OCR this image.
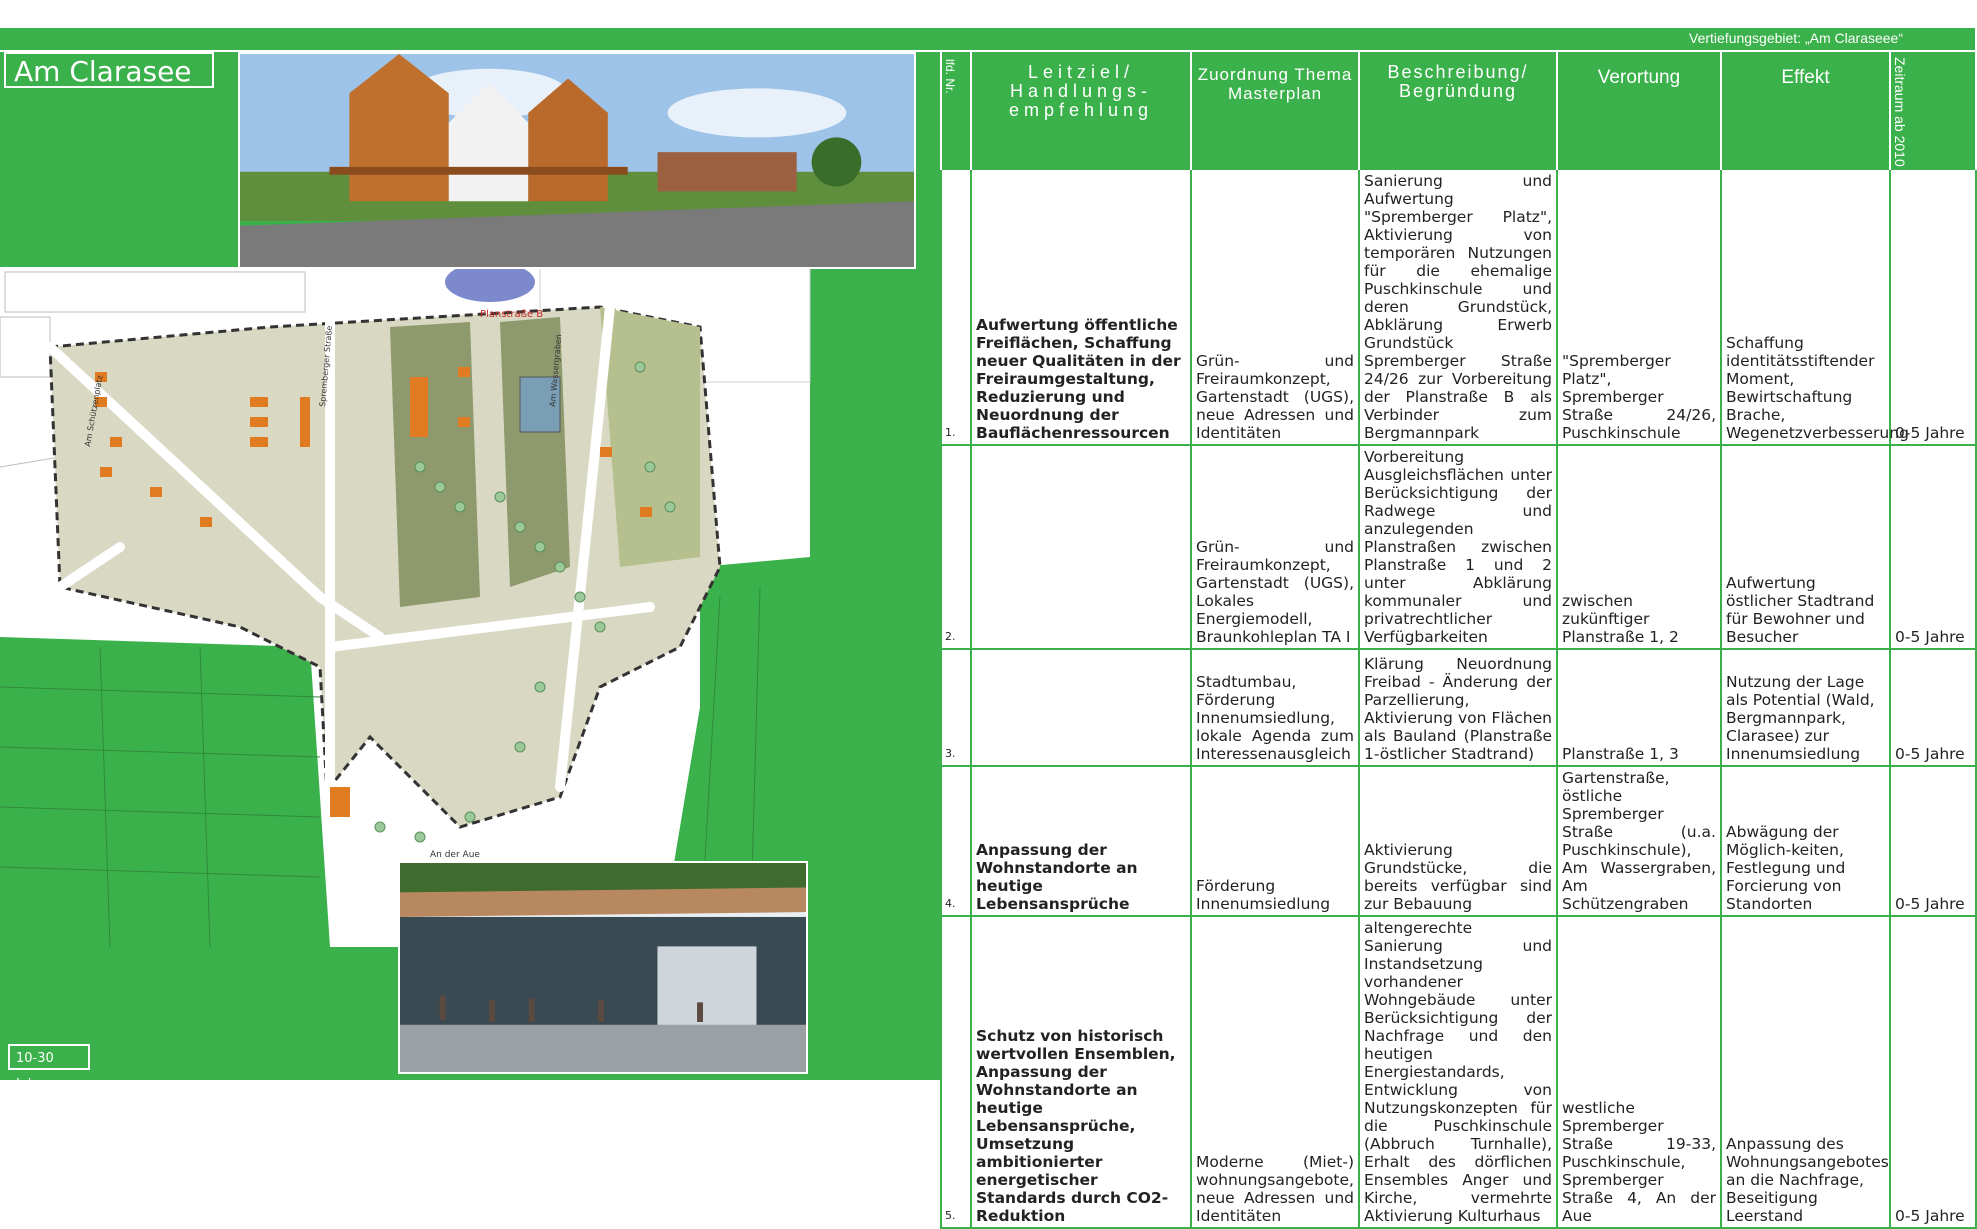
Vertiefungsgebiet: „Am Claraseee“
Planstraße B
An der Aue
Am Schützenplatz
Spremberger Straße	Am Wassergraben
Am Clarasee
10-30 Jahre
lfd. Nr.	Leitziel/ Handlungs- empfehlung	Zuordnung Thema Masterplan	Beschreibung/ Begründung	Verortung	Effekt	Zeitraum ab 2010

1.	Aufwertung öffentliche Freiflächen, Schaffung neuer Qualitäten in der Freiraumgestaltung, Reduzierung und Neuordnung der Bauflächenressourcen	Grün- und Freiraumkonzept, Gartenstadt (UGS), neue Adressen und Identitäten	Sanierung und Aufwertung "Spremberger Platz", Aktivierung von temporären Nutzungen für die ehemalige Puschkinschule und deren Grundstück, Abklärung Erwerb Grundstück Spremberger Straße 24/26 zur Vorbereitung der Planstraße B als Verbinder zum Bergmannpark	"Spremberger Platz", Spremberger Straße 24/26, Puschkinschule	Schaffung identitätsstiftender Moment, Bewirtschaftung Brache, Wegenetzverbesserung	0-5 Jahre
2.		Grün- und Freiraumkonzept, Gartenstadt (UGS), Lokales Energiemodell, Braunkohleplan TA I	Vorbereitung Ausgleichsflächen unter Berücksichtigung der Radwege und anzulegenden Planstraßen zwischen Planstraße 1 und 2 unter Abklärung kommunaler und privatrechtlicher Verfügbarkeiten	zwischen zukünftiger Planstraße 1, 2	Aufwertung östlicher Stadtrand für Bewohner und Besucher	0-5 Jahre
3.		Stadtumbau, Förderung Innenumsiedlung, lokale Agenda zum Interessenausgleich	Klärung Neuordnung Freibad - Änderung der Parzellierung, Aktivierung von Flächen als Bauland (Planstraße 1-östlicher Stadtrand)	Planstraße 1, 3	Nutzung der Lage als Potential (Wald, Bergmannpark, Clarasee) zur Innenumsiedlung	0-5 Jahre
4.	Anpassung der Wohnstandorte an heutige Lebensansprüche	Förderung Innenumsiedlung	Aktivierung Grundstücke, die bereits verfügbar sind zur Bebauung	Gartenstraße, östliche Spremberger Straße (u.a. Puschkinschule), Am Wassergraben, Am Schützengraben	Abwägung der Möglich-keiten, Festlegung und Forcierung von Standorten	0-5 Jahre
5.	Schutz von historisch wertvollen Ensemblen, Anpassung der Wohnstandorte an heutige Lebensansprüche, Umsetzung ambitionierter energetischer Standards durch CO2-Reduktion	Moderne (Miet-) wohnungsangebote, neue Adressen und Identitäten	altengerechte Sanierung und Instandsetzung vorhandener Wohngebäude unter Berücksichtigung der Nachfrage und den heutigen Energiestandards, Entwicklung von Nutzungskonzepten für die Puschkinschule (Abbruch Turnhalle), Erhalt des dörflichen Ensembles Anger und Kirche, vermehrte Aktivierung Kulturhaus	westliche Spremberger Straße 19-33, Puschkinschule, Spremberger Straße 4, An der Aue	Anpassung des Wohnungsangebotes an die Nachfrage, Beseitigung Leerstand	0-5 Jahre
